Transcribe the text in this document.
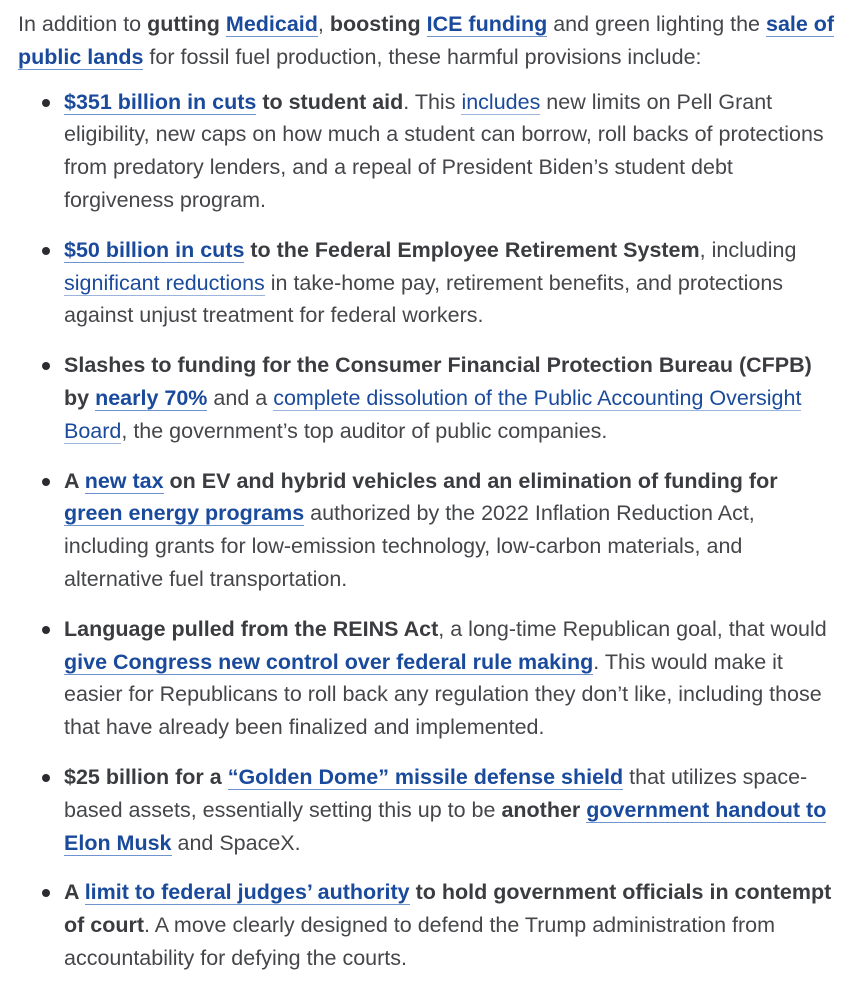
In addition to gutting Medicaid, boosting ICE funding and green lighting the sale of public lands for fossil fuel production, these harmful provisions include:

$351 billion in cuts to student aid. This includes new limits on Pell Grant eligibility, new caps on how much a student can borrow, roll backs of protections from predatory lenders, and a repeal of President Biden’s student debt forgiveness program.
$50 billion in cuts to the Federal Employee Retirement System, including significant reductions in take-home pay, retirement benefits, and protections against unjust treatment for federal workers.
Slashes to funding for the Consumer Financial Protection Bureau (CFPB) by nearly 70% and a complete dissolution of the Public Accounting Oversight Board, the government’s top auditor of public companies.
A new tax on EV and hybrid vehicles and an elimination of funding for green energy programs authorized by the 2022 Inflation Reduction Act, including grants for low-emission technology, low-carbon materials, and alternative fuel transportation.
Language pulled from the REINS Act, a long-time Republican goal, that would give Congress new control over federal rule making. This would make it easier for Republicans to roll back any regulation they don’t like, including those that have already been finalized and implemented.
$25 billion for a “Golden Dome” missile defense shield that utilizes space-based assets, essentially setting this up to be another government handout to Elon Musk and SpaceX.
A limit to federal judges’ authority to hold government officials in contempt of court. A move clearly designed to defend the Trump administration from accountability for defying the courts.
